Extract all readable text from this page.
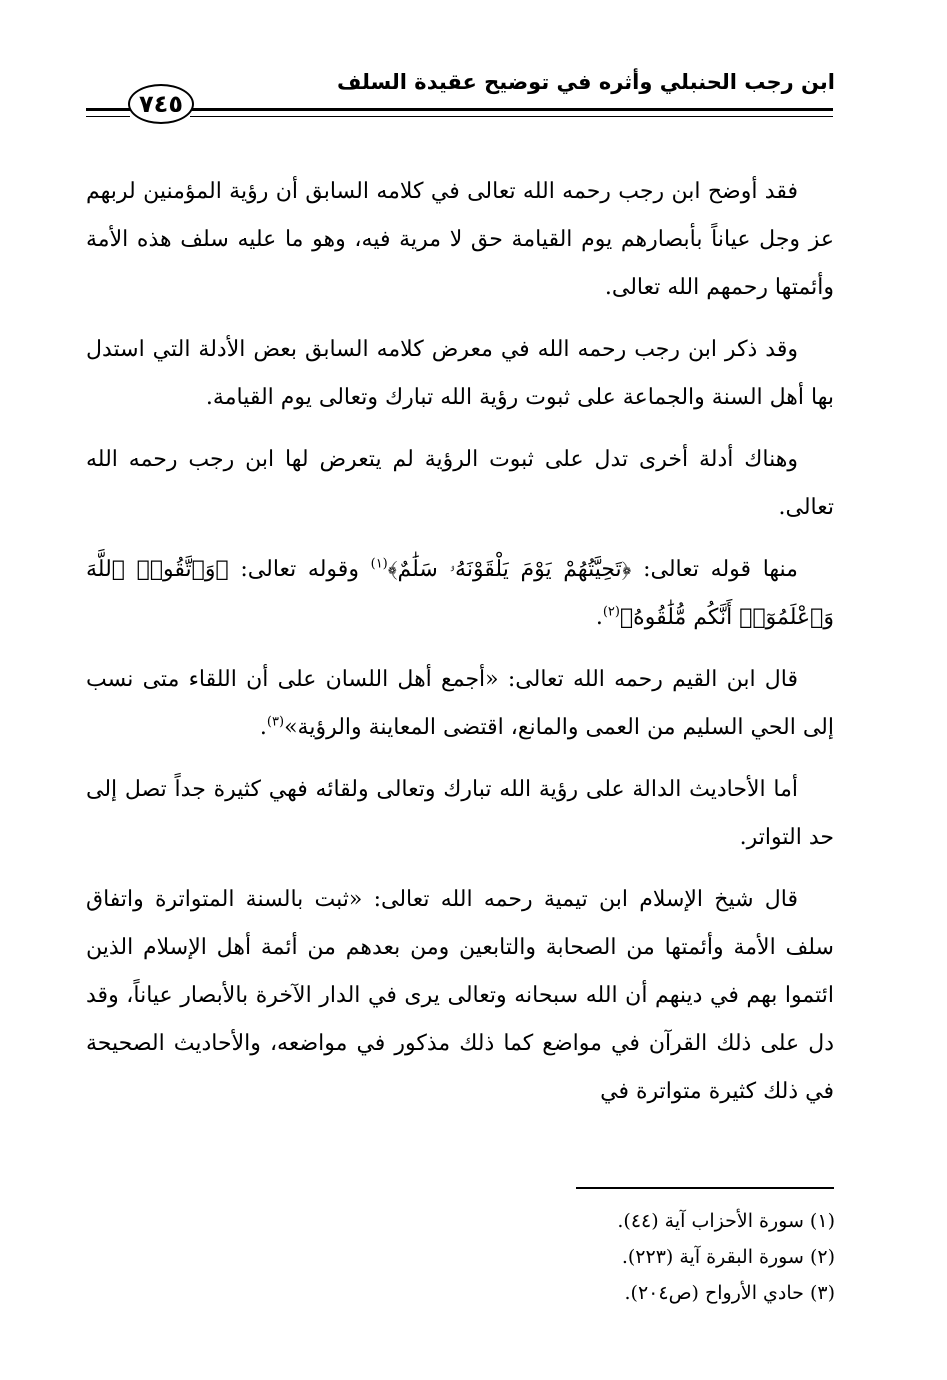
ابن رجب الحنبلي وأثره في توضيح عقيدة السلف
٧٤٥

فقد أوضح ابن رجب رحمه الله تعالى في كلامه السابق أن رؤية المؤمنين لربهم عز وجل عياناً بأبصارهم يوم القيامة حق لا مرية فيه، وهو ما عليه سلف هذه الأمة وأئمتها رحمهم الله تعالى.

وقد ذكر ابن رجب رحمه الله في معرض كلامه السابق بعض الأدلة التي استدل بها أهل السنة والجماعة على ثبوت رؤية الله تبارك وتعالى يوم القيامة.

وهناك أدلة أخرى تدل على ثبوت الرؤية لم يتعرض لها ابن رجب رحمه الله تعالى.

منها قوله تعالى: ﴿تَحِيَّتُهُمْ يَوْمَ يَلْقَوْنَهُۥ سَلَٰمٌ﴾$^{(١)}$ وقوله تعالى: ﴿وَٱتَّقُوا۟ ٱللَّهَ وَٱعْلَمُوٓا۟ أَنَّكُم مُّلَٰقُوهُ﴾$^{(٢)}$.

قال ابن القيم رحمه الله تعالى: «أجمع أهل اللسان على أن اللقاء متى نسب إلى الحي السليم من العمى والمانع، اقتضى المعاينة والرؤية»$^{(٣)}$.

أما الأحاديث الدالة على رؤية الله تبارك وتعالى ولقائه فهي كثيرة جداً تصل إلى حد التواتر.

قال شيخ الإسلام ابن تيمية رحمه الله تعالى: «ثبت بالسنة المتواترة واتفاق سلف الأمة وأئمتها من الصحابة والتابعين ومن بعدهم من أئمة أهل الإسلام الذين ائتموا بهم في دينهم أن الله سبحانه وتعالى يرى في الدار الآخرة بالأبصار عياناً، وقد دل على ذلك القرآن في مواضع كما ذلك مذكور في مواضعه، والأحاديث الصحيحة في ذلك كثيرة متواترة في

(١) سورة الأحزاب آية (٤٤).
(٢) سورة البقرة آية (٢٢٣).
(٣) حادي الأرواح (ص٢٠٤).
